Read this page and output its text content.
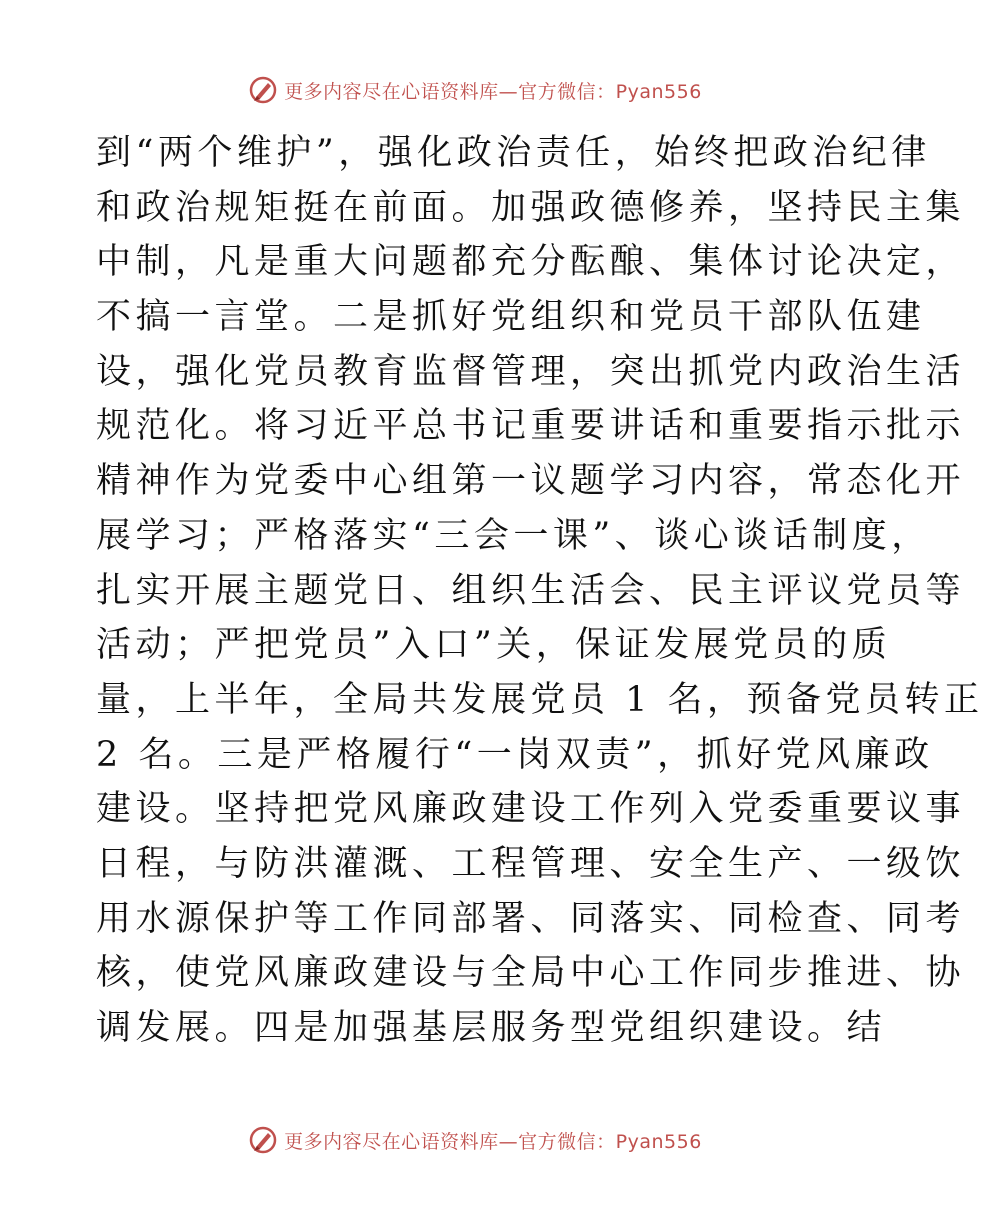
更多内容尽在心语资料库—官方微信：Pyan556
到“两个维护”，强化政治责任，始终把政治纪律
和政治规矩挺在前面。加强政德修养，坚持民主集
中制，凡是重大问题都充分酝酿、集体讨论决定，
不搞一言堂。二是抓好党组织和党员干部队伍建
设，强化党员教育监督管理，突出抓党内政治生活
规范化。将习近平总书记重要讲话和重要指示批示
精神作为党委中心组第一议题学习内容，常态化开
展学习；严格落实“三会一课”、谈心谈话制度，
扎实开展主题党日、组织生活会、民主评议党员等
活动；严把党员”入口”关，保证发展党员的质
量，上半年，全局共发展党员 1 名，预备党员转正
2 名。三是严格履行“一岗双责”，抓好党风廉政
建设。坚持把党风廉政建设工作列入党委重要议事
日程，与防洪灌溉、工程管理、安全生产、一级饮
用水源保护等工作同部署、同落实、同检查、同考
核，使党风廉政建设与全局中心工作同步推进、协
调发展。四是加强基层服务型党组织建设。结
更多内容尽在心语资料库—官方微信：Pyan556
